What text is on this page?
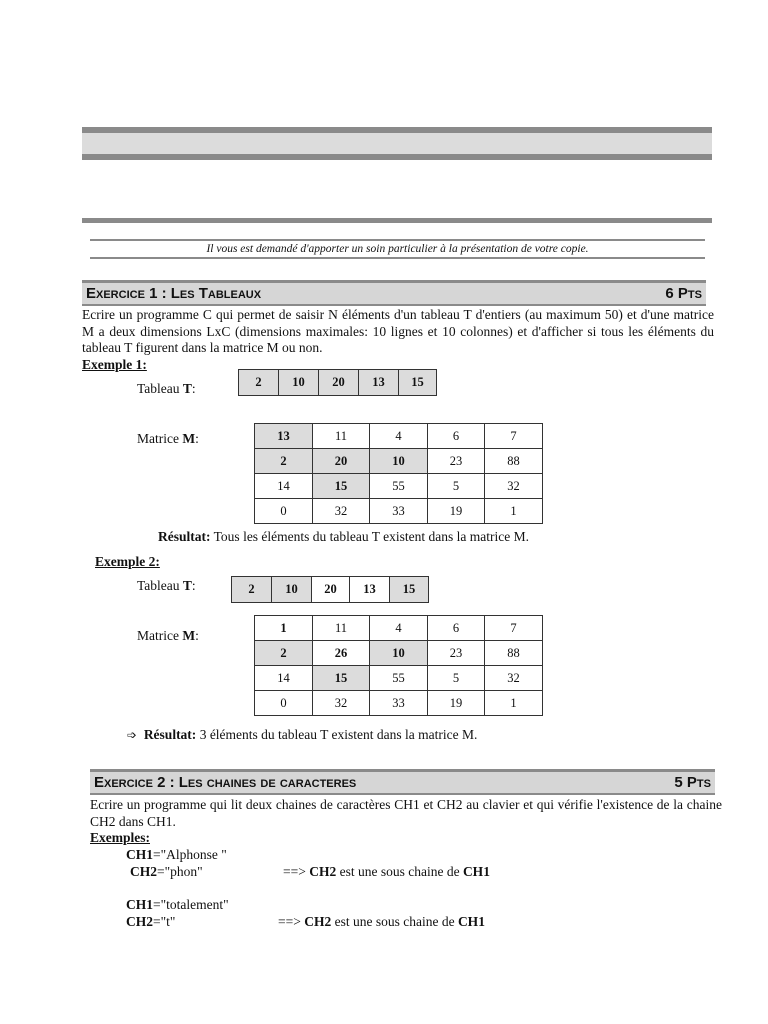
Il vous est demandé d'apporter un soin particulier à la présentation de votre copie.
Exercice 1 : Les Tableaux	6 Pts
Ecrire un programme C qui permet de saisir N éléments d'un tableau T d'entiers (au maximum 50) et d'une matrice M a deux dimensions LxC (dimensions maximales: 10 lignes et 10 colonnes) et d'afficher si tous les éléments du tableau T figurent dans la matrice M ou non.
Exemple 1:
Tableau T:	2	10	20	13	15
Matrice M:	13	11	4	6	7
2	20	10	23	88
14	15	55	5	32
0	32	33	19	1
Résultat: Tous les éléments du tableau T existent dans la matrice M.
Exemple 2:
Tableau T:	2	10	20	13	15
Matrice M:
1	11	4	6	7
2	26	10	23	88
14	15	55	5	32
0	32	33	19	1
➩ Résultat: 3 éléments du tableau T existent dans la matrice M.
Exercice 2 : Les chaines de caracteres	5 Pts
Ecrire un programme qui lit deux chaines de caractères CH1 et CH2 au clavier et qui vérifie l'existence de la chaine CH2 dans CH1.
Exemples:
CH1="Alphonse "
CH2="phon"	==> CH2 est une sous chaine de CH1
CH1="totalement"
CH2="t"	==> CH2 est une sous chaine de CH1
